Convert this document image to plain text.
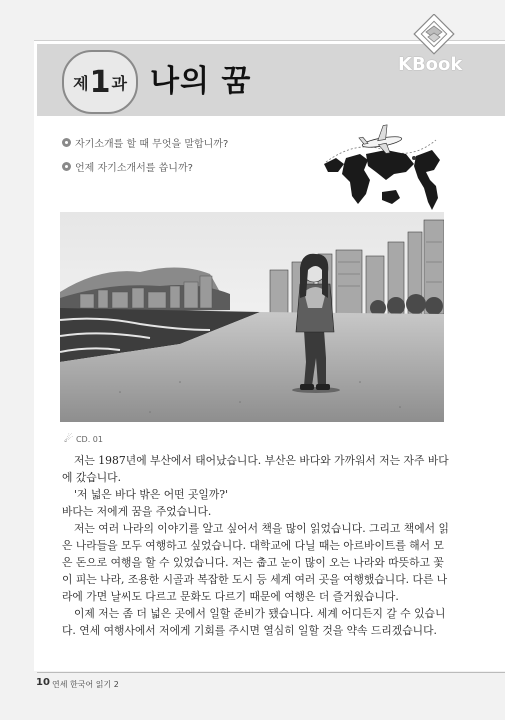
제 1 과 나의 꿈	KBook
자기소개를 할 때 무엇을 말합니까?
언제 자기소개서를 씁니까?
☄ CD. 01

저는 1987년에 부산에서 태어났습니다. 부산은 바다와 가까워서 저는 자주 바다에 갔습니다.

'저 넓은 바다 밖은 어떤 곳일까?'

바다는 저에게 꿈을 주었습니다.

저는 여러 나라의 이야기를 알고 싶어서 책을 많이 읽었습니다. 그리고 책에서 읽은 나라들을 모두 여행하고 싶었습니다. 대학교에 다닐 때는 아르바이트를 해서 모은 돈으로 여행을 할 수 있었습니다. 저는 춥고 눈이 많이 오는 나라와 따뜻하고 꽃이 피는 나라, 조용한 시골과 복잡한 도시 등 세계 여러 곳을 여행했습니다. 다른 나라에 가면 날씨도 다르고 문화도 다르기 때문에 여행은 더 즐거웠습니다.

이제 저는 좀 더 넓은 곳에서 일할 준비가 됐습니다. 세계 어디든지 갈 수 있습니다. 연세 여행사에서 저에게 기회를 주시면 열심히 일할 것을 약속 드리겠습니다.

10 연세 한국어 읽기 2
